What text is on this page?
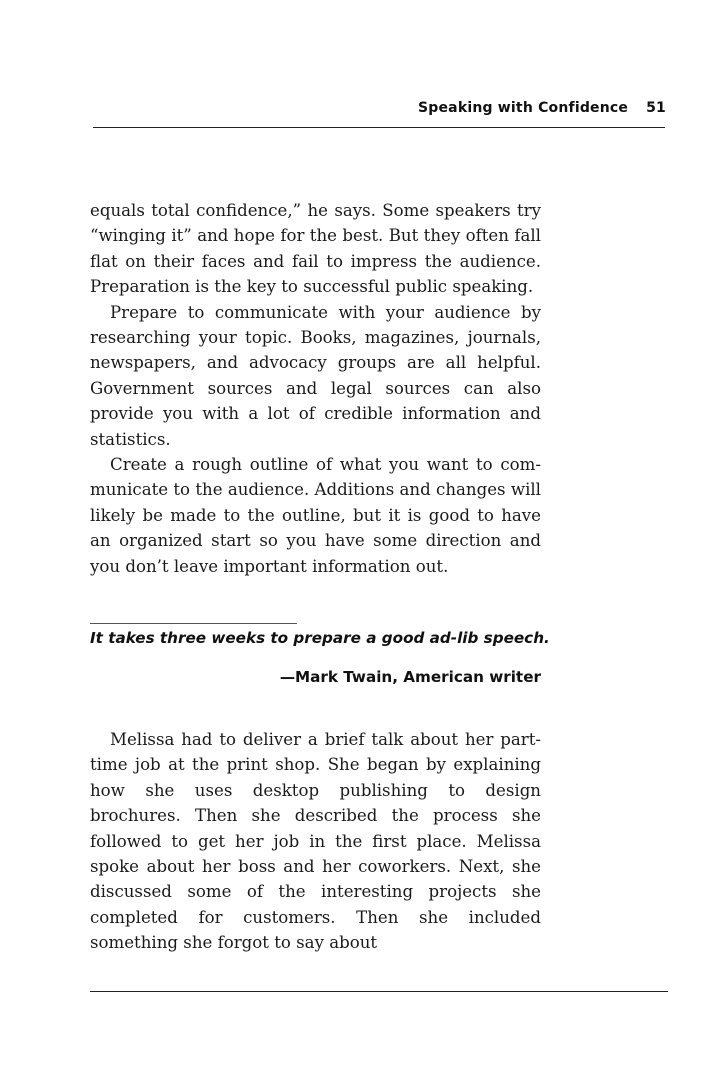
Speaking with Confidence 51

equals total confidence,” he says. Some speakers try “winging it” and hope for the best. But they often fall flat on their faces and fail to impress the audience. Preparation is the key to successful public speaking.

Prepare to communicate with your audience by researching your topic. Books, magazines, journals, newspapers, and advocacy groups are all helpful. Government sources and legal sources can also provide you with a lot of credible information and statistics.

Create a rough outline of what you want to communicate to the audience. Additions and changes will likely be made to the outline, but it is good to have an organized start so you have some direction and you don’t leave important information out.

It takes three weeks to prepare a good ad-lib speech.
—Mark Twain, American writer

Melissa had to deliver a brief talk about her part-time job at the print shop. She began by explaining how she uses desktop publishing to design brochures. Then she described the process she followed to get her job in the first place. Melissa spoke about her boss and her coworkers. Next, she discussed some of the interesting projects she completed for customers. Then she included something she forgot to say about
